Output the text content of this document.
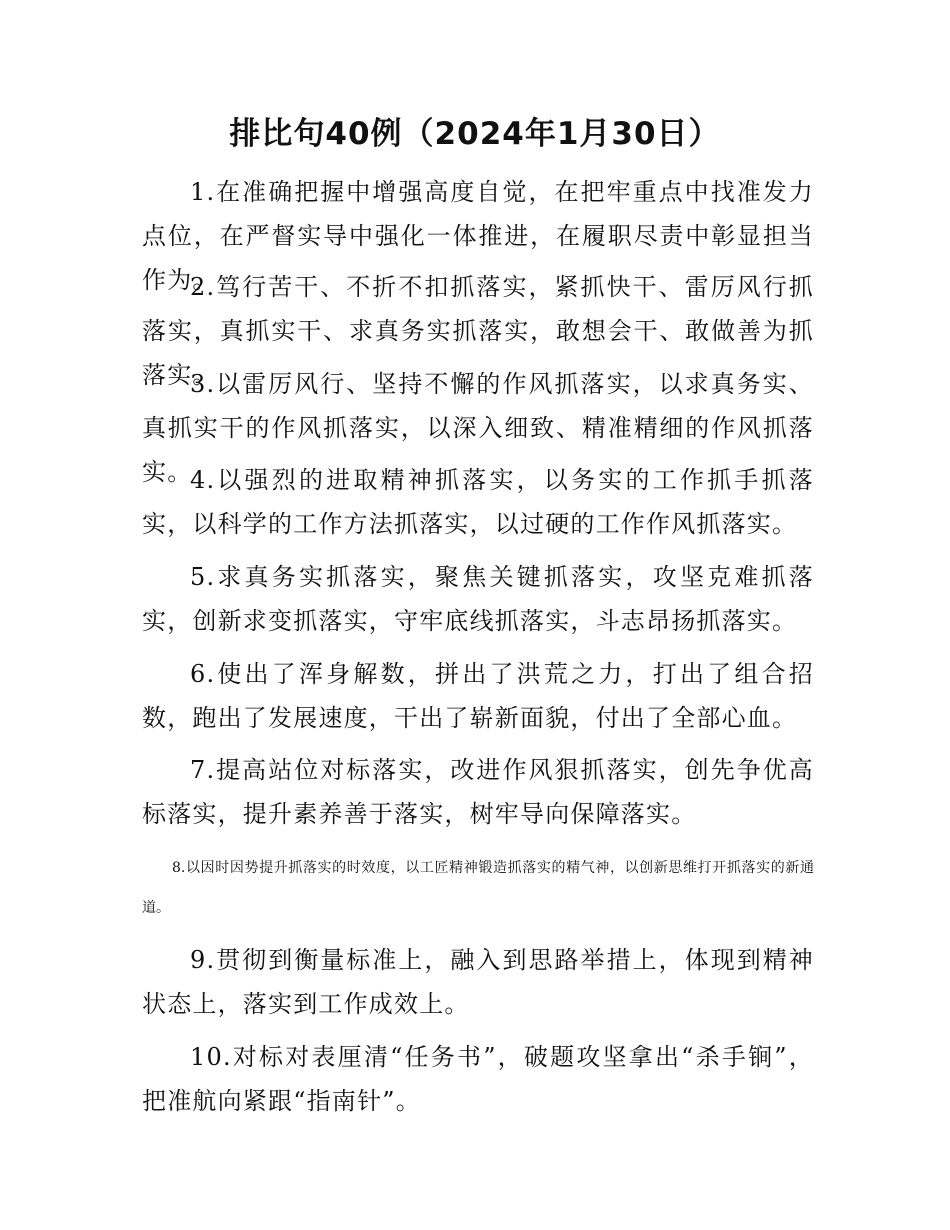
排比句40例（2024年1月30日）

1.在准确把握中增强高度自觉，在把牢重点中找准发力点位，在严督实导中强化一体推进，在履职尽责中彰显担当作为。

2.笃行苦干、不折不扣抓落实，紧抓快干、雷厉风行抓落实，真抓实干、求真务实抓落实，敢想会干、敢做善为抓落实。

3.以雷厉风行、坚持不懈的作风抓落实，以求真务实、真抓实干的作风抓落实，以深入细致、精准精细的作风抓落实。

4.以强烈的进取精神抓落实，以务实的工作抓手抓落实，以科学的工作方法抓落实，以过硬的工作作风抓落实。

5.求真务实抓落实，聚焦关键抓落实，攻坚克难抓落实，创新求变抓落实，守牢底线抓落实，斗志昂扬抓落实。

6.使出了浑身解数，拼出了洪荒之力，打出了组合招数，跑出了发展速度，干出了崭新面貌，付出了全部心血。

7.提高站位对标落实，改进作风狠抓落实，创先争优高标落实，提升素养善于落实，树牢导向保障落实。

8.以因时因势提升抓落实的时效度，以工匠精神锻造抓落实的精气神，以创新思维打开抓落实的新通道。

9.贯彻到衡量标准上，融入到思路举措上，体现到精神状态上，落实到工作成效上。

10.对标对表厘清“任务书”，破题攻坚拿出“杀手锏”，把准航向紧跟“指南针”。
